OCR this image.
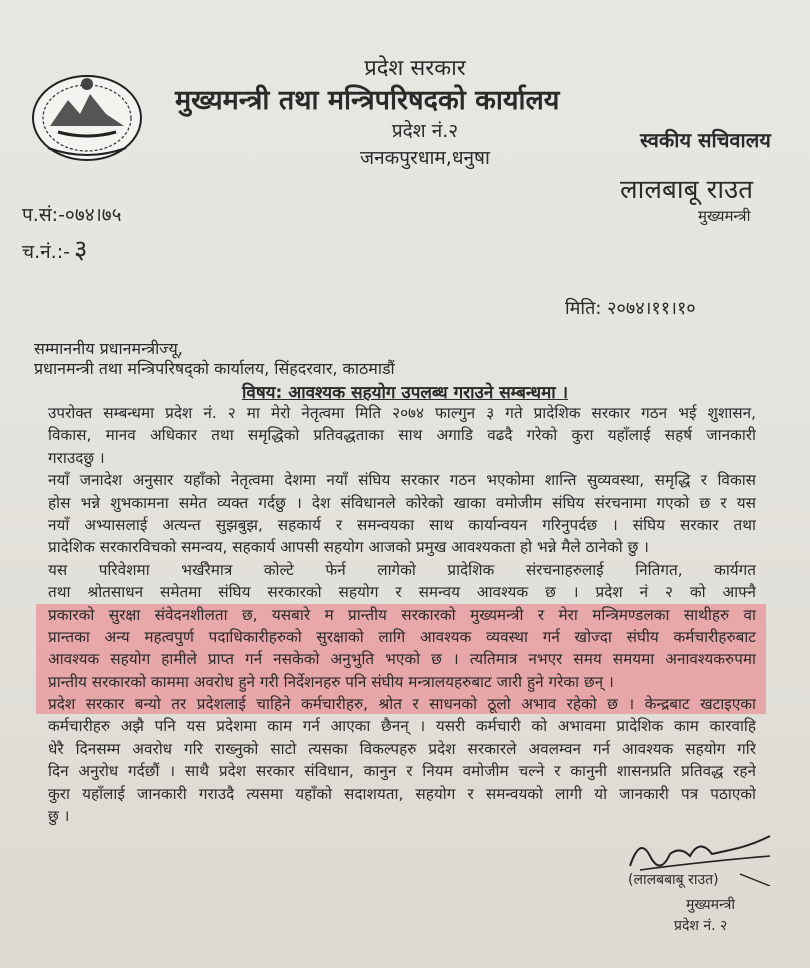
प्रदेश सरकार
मुख्यमन्त्री तथा मन्त्रिपरिषदको कार्यालय
प्रदेश नं.२
जनकपुरधाम,धनुषा
स्वकीय सचिवालय
लालबाबू राउत
मुख्यमन्त्री
प.सं:-०७४।७५
च.नं.:- ३
मिति: २०७४।११।१०
सम्माननीय प्रधानमन्त्रीज्यू,
प्रधानमन्त्री तथा मन्त्रिपरिषद्को कार्यालय, सिंहदरवार, काठमाडौं
विषय: आवश्यक सहयोग उपलब्ध गराउने सम्बन्धमा ।
उपरोक्त सम्बन्धमा प्रदेश नं. २ मा मेरो नेतृत्वमा मिति २०७४ फाल्गुन ३ गते प्रादेशिक सरकार गठन भई शुशासन,
विकास, मानव अधिकार तथा समृद्धिको प्रतिवद्धताका साथ अगाडि वढदै गरेको कुरा यहाँलाई सहर्ष जानकारी
गराउदछु ।
नयाँ जनादेश अनुसार यहाँको नेतृत्वमा देशमा नयाँ संघिय सरकार गठन भएकोमा शान्ति सुव्यवस्था, समृद्धि र विकास
होस भन्ने शुभकामना समेत व्यक्त गर्दछु । देश संविधानले कोरेको खाका वमोजीम संघिय संरचनामा गएको छ र यस
नयाँ अभ्यासलाई अत्यन्त सुझबुझ, सहकार्य र समन्वयका साथ कार्यान्वयन गरिनुपर्दछ । संघिय सरकार तथा
प्रादेशिक सरकारविचको समन्वय, सहकार्य आपसी सहयोग आजको प्रमुख आवश्यकता हो भन्ने मैले ठानेको छु ।
यस परिवेशमा भर्खरैमात्र कोल्टे फेर्न लागेको प्रादेशिक संरचनाहरुलाई नितिगत, कार्यगत
तथा श्रोतसाधन समेतमा संघिय सरकारको सहयोग र समन्वय आवश्यक छ । प्रदेश नं २ को आफ्नै
प्रकारको सुरक्षा संवेदनशीलता छ, यसबारे म प्रान्तीय सरकारको मुख्यमन्त्री र मेरा मन्त्रिमण्डलका साथीहरु वा
प्रान्तका अन्य महत्वपुर्ण पदाधिकारीहरुको सुरक्षाको लागि आवश्यक व्यवस्था गर्न खोज्दा संघीय कर्मचारीहरुबाट
आवश्यक सहयोग हामीले प्राप्त गर्न नसकेको अनुभुति भएको छ । त्यतिमात्र नभएर समय समयमा अनावश्यकरुपमा
प्रान्तीय सरकारको काममा अवरोध हुने गरी निर्देशनहरु पनि संघीय मन्त्रालयहरुबाट जारी हुने गरेका छन् ।
प्रदेश सरकार बन्यो तर प्रदेशलाई चाहिने कर्मचारीहरु, श्रोत र साधनको ठूलो अभाव रहेको छ । केन्द्रबाट खटाइएका
कर्मचारीहरु अझै पनि यस प्रदेशमा काम गर्न आएका छैनन् । यसरी कर्मचारी को अभावमा प्रादेशिक काम कारवाहि
धेरै दिनसम्म अवरोध गरि राख्नुको साटो त्यसका विकल्पहरु प्रदेश सरकारले अवलम्वन गर्न आवश्यक सहयोग गरि
दिन अनुरोध गर्दछौं । साथै प्रदेश सरकार संविधान, कानुन र नियम वमोजीम चल्ने र कानुनी शासनप्रति प्रतिवद्ध रहने
कुरा यहाँलाई जानकारी गराउदै त्यसमा यहाँको सदाशयता, सहयोग र समन्वयको लागी यो जानकारी पत्र पठाएको
छु ।
(लालबबाबू राउत)
मुख्यमन्त्री
प्रदेश नं. २
